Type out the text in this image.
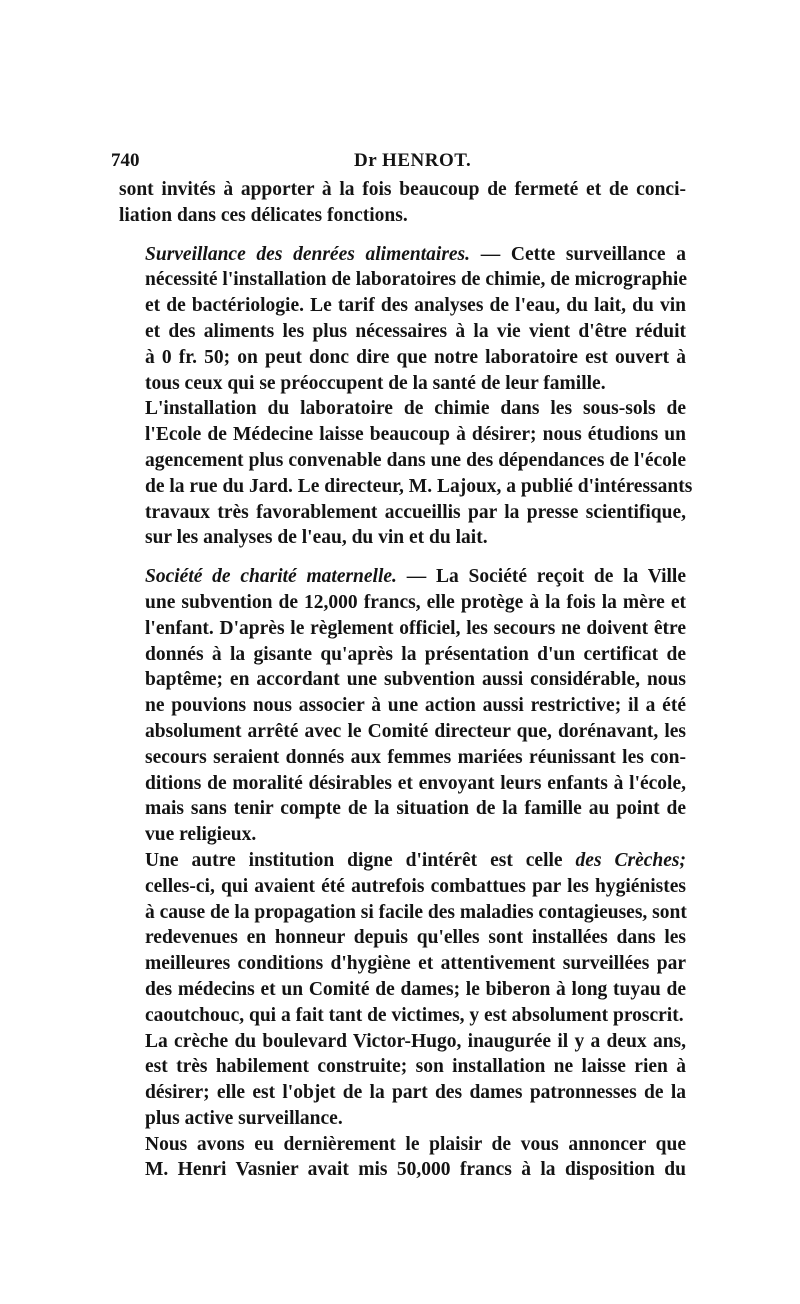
740	Dr HENROT.

sont invités à apporter à la fois beaucoup de fermeté et de conci-
liation dans ces délicates fonctions.

Surveillance des denrées alimentaires. — Cette surveillance a
nécessité l'installation de laboratoires de chimie, de micrographie
et de bactériologie. Le tarif des analyses de l'eau, du lait, du vin
et des aliments les plus nécessaires à la vie vient d'être réduit
à 0 fr. 50; on peut donc dire que notre laboratoire est ouvert à
tous ceux qui se préoccupent de la santé de leur famille.

L'installation du laboratoire de chimie dans les sous-sols de
l'Ecole de Médecine laisse beaucoup à désirer; nous étudions un
agencement plus convenable dans une des dépendances de l'école
de la rue du Jard. Le directeur, M. Lajoux, a publié d'intéressants
travaux très favorablement accueillis par la presse scientifique,
sur les analyses de l'eau, du vin et du lait.

Société de charité maternelle. — La Société reçoit de la Ville
une subvention de 12,000 francs, elle protège à la fois la mère et
l'enfant. D'après le règlement officiel, les secours ne doivent être
donnés à la gisante qu'après la présentation d'un certificat de
baptême; en accordant une subvention aussi considérable, nous
ne pouvions nous associer à une action aussi restrictive; il a été
absolument arrêté avec le Comité directeur que, dorénavant, les
secours seraient donnés aux femmes mariées réunissant les con-
ditions de moralité désirables et envoyant leurs enfants à l'école,
mais sans tenir compte de la situation de la famille au point de
vue religieux.

Une autre institution digne d'intérêt est celle des Crèches;
celles-ci, qui avaient été autrefois combattues par les hygiénistes
à cause de la propagation si facile des maladies contagieuses, sont
redevenues en honneur depuis qu'elles sont installées dans les
meilleures conditions d'hygiène et attentivement surveillées par
des médecins et un Comité de dames; le biberon à long tuyau de
caoutchouc, qui a fait tant de victimes, y est absolument proscrit.

La crèche du boulevard Victor-Hugo, inaugurée il y a deux ans,
est très habilement construite; son installation ne laisse rien à
désirer; elle est l'objet de la part des dames patronnesses de la
plus active surveillance.

Nous avons eu dernièrement le plaisir de vous annoncer que
M. Henri Vasnier avait mis 50,000 francs à la disposition du
